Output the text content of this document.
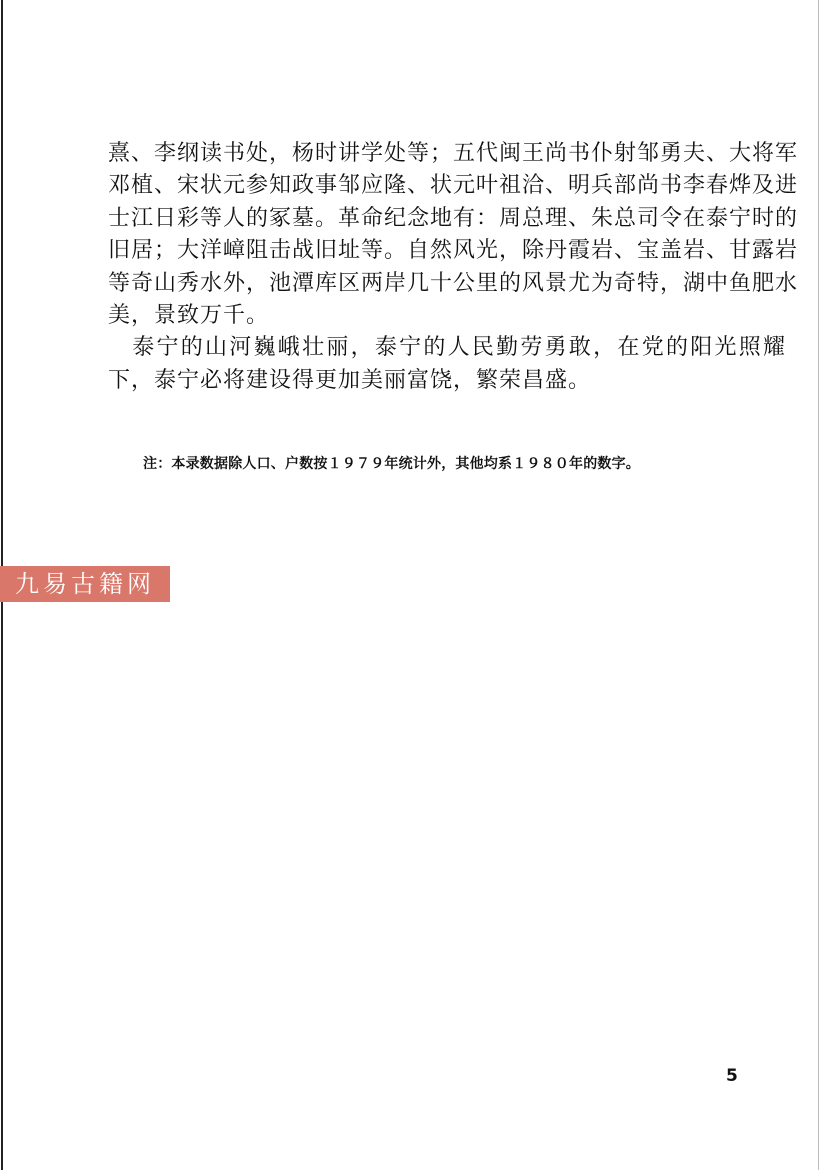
熹、李纲读书处，杨时讲学处等；五代闽王尚书仆射邹勇夫、大将军
邓植、宋状元参知政事邹应隆、状元叶祖洽、明兵部尚书李春烨及进
士江日彩等人的冢墓。革命纪念地有：周总理、朱总司令在泰宁时的
旧居；大洋嶂阻击战旧址等。自然风光，除丹霞岩、宝盖岩、甘露岩
等奇山秀水外，池潭库区两岸几十公里的风景尤为奇特，湖中鱼肥水
美，景致万千。
　泰宁的山河巍峨壮丽，泰宁的人民勤劳勇敢，在党的阳光照耀
下，泰宁必将建设得更加美丽富饶，繁荣昌盛。
注：本录数据除人口、户数按１９７９年统计外，其他均系１９８０年的数字。
九易古籍网
5
